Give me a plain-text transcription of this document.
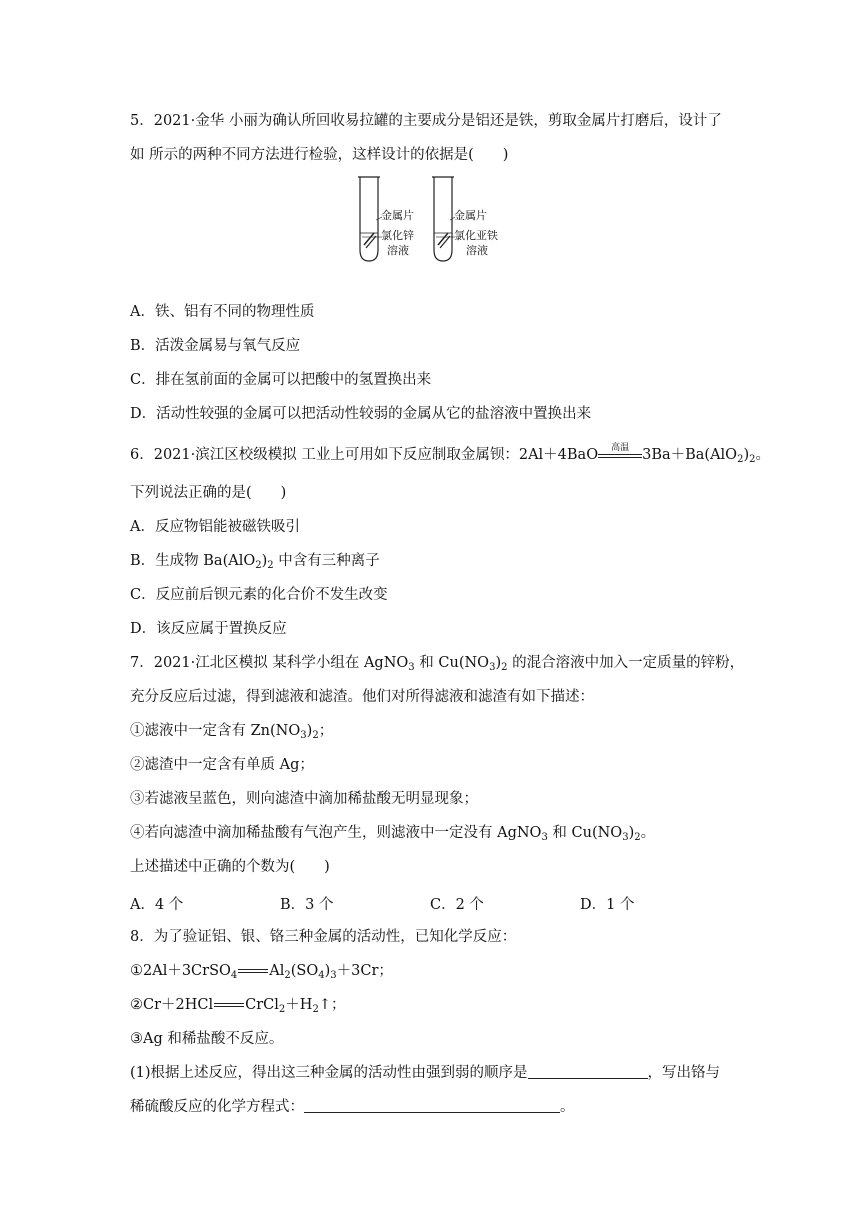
5．2021·金华 小丽为确认所回收易拉罐的主要成分是铝还是铁，剪取金属片打磨后，设计了
如 所示的两种不同方法进行检验，这样设计的依据是(　　)
金属片
氯化锌
溶液
金属片
氯化亚铁
溶液
A．铁、铝有不同的物理性质
B．活泼金属易与氧气反应
C．排在氢前面的金属可以把酸中的氢置换出来
D．活动性较强的金属可以把活动性较弱的金属从它的盐溶液中置换出来
6．2021·滨江区校级模拟 工业上可用如下反应制取金属钡：2Al＋4BaO	高温 $3Ba+Ba(AlO_2)_2$。
下列说法正确的是(　　)
A．反应物铝能被磁铁吸引
B．生成物 $Ba(AlO_2)_2$ 中含有三种离子
C．反应前后钡元素的化合价不发生改变
D．该反应属于置换反应
7．2021·江北区模拟 某科学小组在 AgNO$_3$ 和 $Cu(NO_3)_2$ 的混合溶液中加入一定质量的锌粉，
充分反应后过滤，得到滤液和滤渣。他们对所得滤液和滤渣有如下描述：
①滤液中一定含有 $Zn(NO_3)_2$；
②滤渣中一定含有单质 Ag；
③若滤液呈蓝色，则向滤渣中滴加稀盐酸无明显现象；
④若向滤渣中滴加稀盐酸有气泡产生，则滤液中一定没有 AgNO$_3$ 和 $Cu(NO_3)_2$。
上述描述中正确的个数为(　　)
A．4 个	B．3 个	C．2 个	D．1 个
8．为了验证铝、银、铬三种金属的活动性，已知化学反应：
①2Al＋3CrSO$_4$ $Al_2(SO_4)_3+3Cr$；
②Cr＋2HCl $CrCl_2+H_2↑$；
③Ag 和稀盐酸不反应。
(1)根据上述反应，得出这三种金属的活动性由强到弱的顺序是	，写出铬与
稀硫酸反应的化学方程式：	。
